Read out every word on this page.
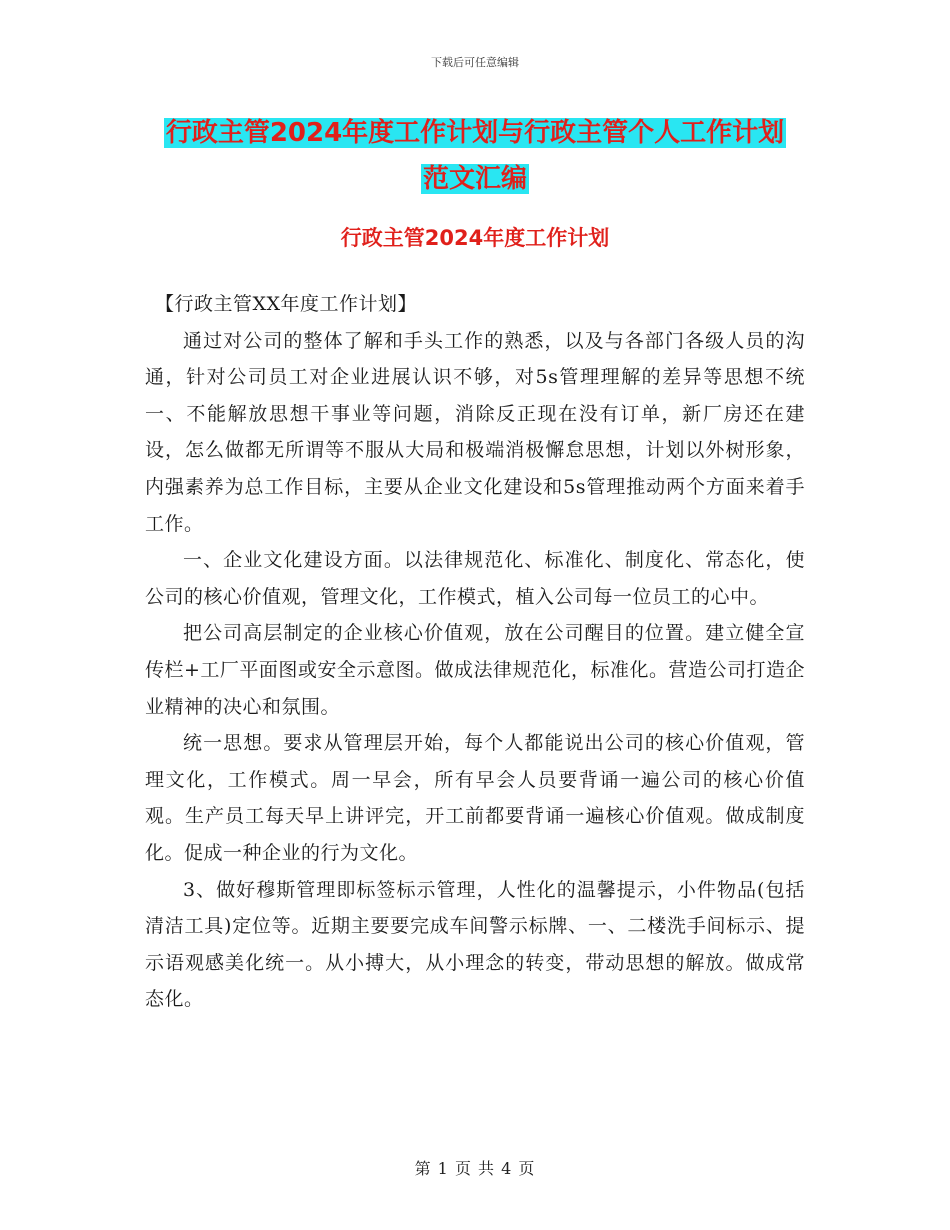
下载后可任意编辑
行政主管2024年度工作计划与行政主管个人工作计划
范文汇编
行政主管2024年度工作计划

【行政主管XX年度工作计划】

通过对公司的整体了解和手头工作的熟悉，以及与各部门各级人员的沟通，针对公司员工对企业进展认识不够，对5s管理理解的差异等思想不统一、不能解放思想干事业等问题，消除反正现在没有订单，新厂房还在建设，怎么做都无所谓等不服从大局和极端消极懈怠思想，计划以外树形象，内强素养为总工作目标，主要从企业文化建设和5s管理推动两个方面来着手工作。

一、企业文化建设方面。以法律规范化、标准化、制度化、常态化，使公司的核心价值观，管理文化，工作模式，植入公司每一位员工的心中。

把公司高层制定的企业核心价值观，放在公司醒目的位置。建立健全宣传栏+工厂平面图或安全示意图。做成法律规范化，标准化。营造公司打造企业精神的决心和氛围。

统一思想。要求从管理层开始，每个人都能说出公司的核心价值观，管理文化，工作模式。周一早会，所有早会人员要背诵一遍公司的核心价值观。生产员工每天早上讲评完，开工前都要背诵一遍核心价值观。做成制度化。促成一种企业的行为文化。

3、做好穆斯管理即标签标示管理，人性化的温馨提示，小件物品(包括清洁工具)定位等。近期主要要完成车间警示标牌、一、二楼洗手间标示、提示语观感美化统一。从小搏大，从小理念的转变，带动思想的解放。做成常态化。

第 1 页 共 4 页
